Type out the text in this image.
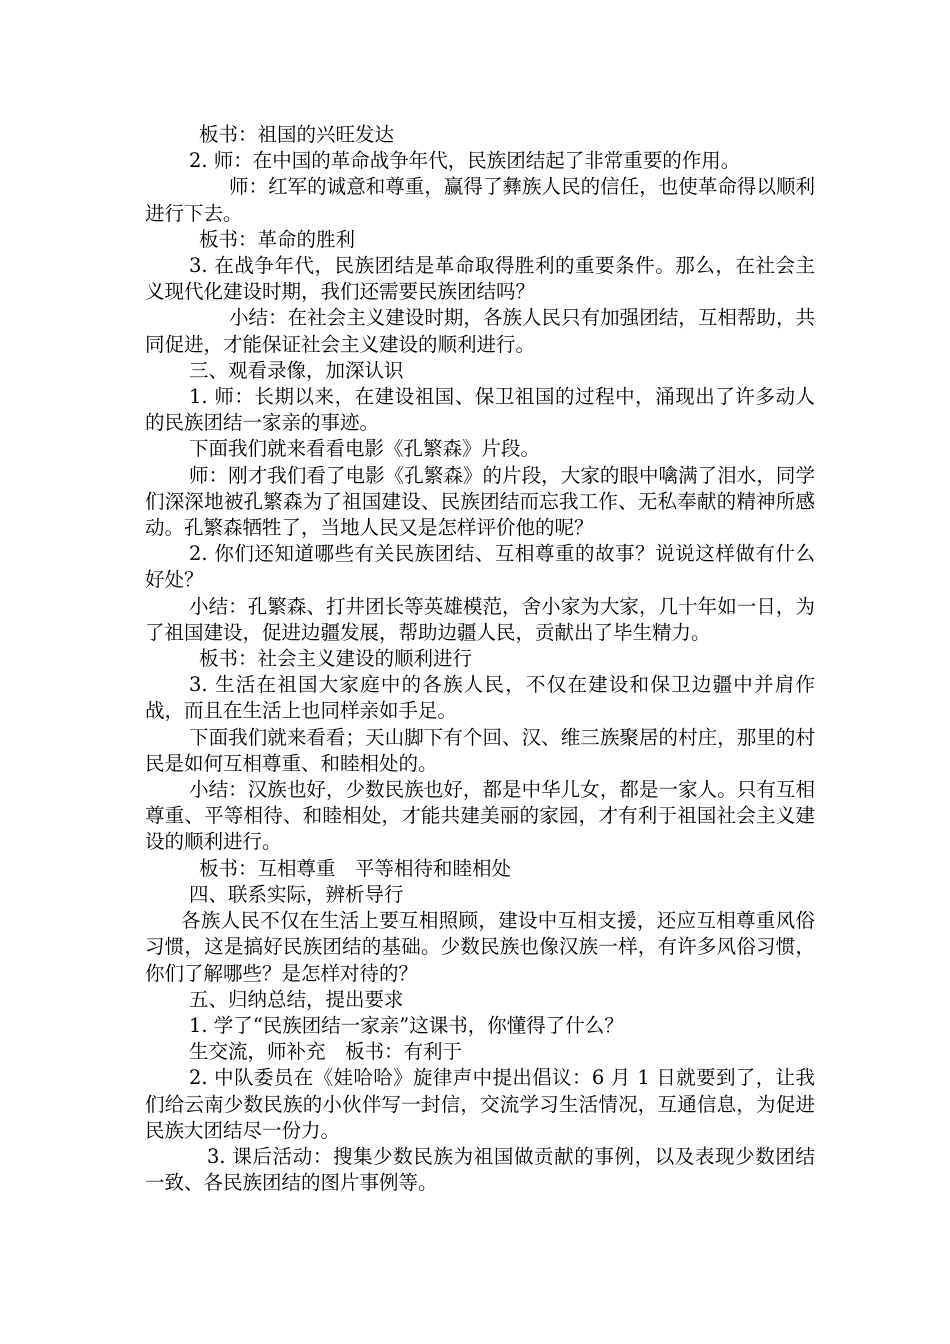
板书：祖国的兴旺发达

2. 师：在中国的革命战争年代，民族团结起了非常重要的作用。

师：红军的诚意和尊重，赢得了彝族人民的信任，也使革命得以顺利进行下去。

板书：革命的胜利

3. 在战争年代，民族团结是革命取得胜利的重要条件。那么，在社会主义现代化建设时期，我们还需要民族团结吗？

小结：在社会主义建设时期，各族人民只有加强团结，互相帮助，共同促进，才能保证社会主义建设的顺利进行。

三、观看录像，加深认识

1. 师：长期以来，在建设祖国、保卫祖国的过程中，涌现出了许多动人的民族团结一家亲的事迹。

下面我们就来看看电影《孔繁森》片段。

师：刚才我们看了电影《孔繁森》的片段，大家的眼中噙满了泪水，同学们深深地被孔繁森为了祖国建设、民族团结而忘我工作、无私奉献的精神所感动。孔繁森牺牲了，当地人民又是怎样评价他的呢？

2. 你们还知道哪些有关民族团结、互相尊重的故事？说说这样做有什么好处？

小结：孔繁森、打井团长等英雄模范，舍小家为大家，几十年如一日，为了祖国建设，促进边疆发展，帮助边疆人民，贡献出了毕生精力。

板书：社会主义建设的顺利进行

3. 生活在祖国大家庭中的各族人民，不仅在建设和保卫边疆中并肩作战，而且在生活上也同样亲如手足。

下面我们就来看看；天山脚下有个回、汉、维三族聚居的村庄，那里的村民是如何互相尊重、和睦相处的。

小结：汉族也好，少数民族也好，都是中华儿女，都是一家人。只有互相尊重、平等相待、和睦相处，才能共建美丽的家园，才有利于祖国社会主义建设的顺利进行。

板书：互相尊重　平等相待和睦相处

四、联系实际，辨析导行

各族人民不仅在生活上要互相照顾，建设中互相支援，还应互相尊重风俗习惯，这是搞好民族团结的基础。少数民族也像汉族一样，有许多风俗习惯，你们了解哪些？是怎样对待的？

五、归纳总结，提出要求

1. 学了“民族团结一家亲”这课书，你懂得了什么？

生交流，师补充　板书：有利于

2. 中队委员在《娃哈哈》旋律声中提出倡议：6 月 1 日就要到了，让我们给云南少数民族的小伙伴写一封信，交流学习生活情况，互通信息，为促进民族大团结尽一份力。

3. 课后活动：搜集少数民族为祖国做贡献的事例，以及表现少数团结一致、各民族团结的图片事例等。
